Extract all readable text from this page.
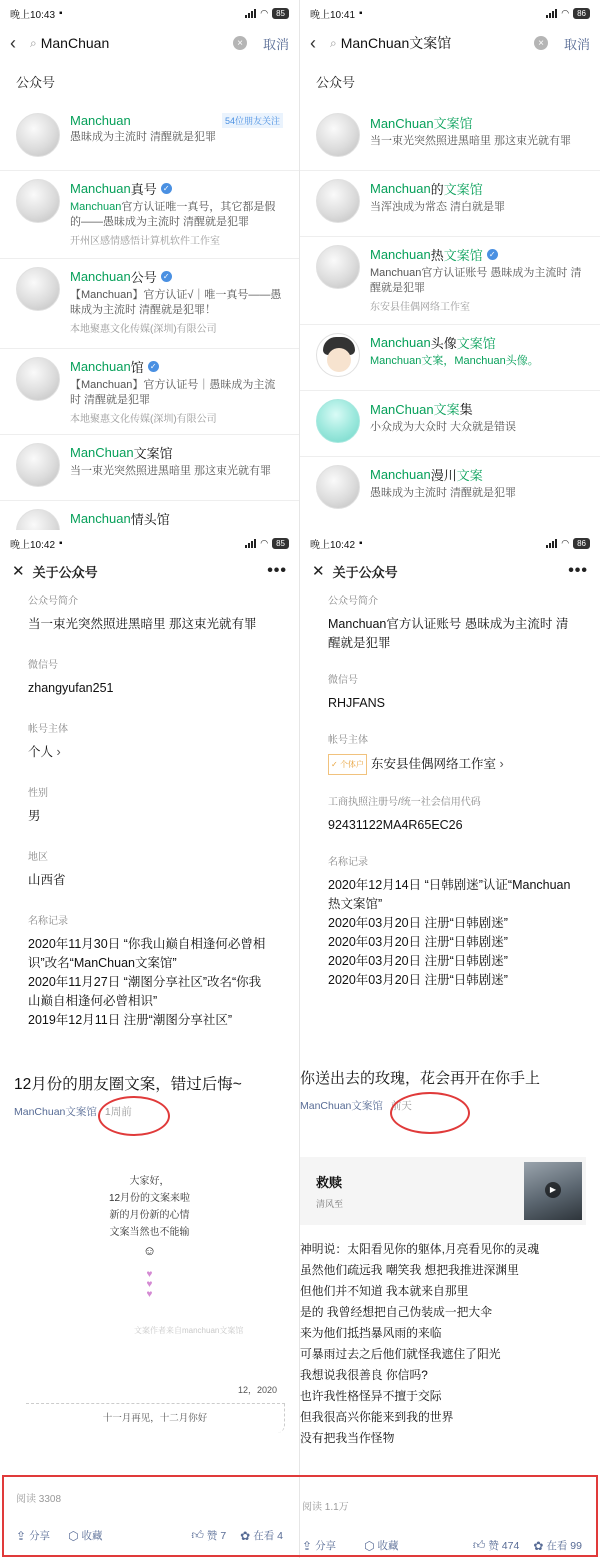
晚上10:43 ▪	◠	85
‹	⌕ ManChuan	×	取消
公众号
Manchuan	54位朋友关注
愚昧成为主流时 清醒就是犯罪
Manchuan 真号 ✓
Manchuan官方认证唯一真号，其它都是假的——愚昧成为主流时 清醒就是犯罪
开州区感情感悟计算机软件工作室
Manchuan 公号 ✓
【Manchuan】官方认证√｜唯一真号——愚昧成为主流时 清醒就是犯罪！
本地聚惠文化传媒(深圳)有限公司
Manchuan 馆 ✓
【Manchuan】官方认证号｜愚昧成为主流时 清醒就是犯罪
本地聚惠文化传媒(深圳)有限公司
ManChuan 文案馆
当一束光突然照进黑暗里 那这束光就有罪
Manchuan 情头馆
晚上10:41 ▪	◠	86
‹	⌕ ManChuan文案馆	×	取消
公众号
ManChuan文案馆
当一束光突然照进黑暗里 那这束光就有罪
Manchuan 的 文案馆
当浑浊成为常态 清白就是罪
Manchuan 热 文案馆 ✓
Manchuan官方认证账号 愚昧成为主流时 清醒就是犯罪
东安县佳偶网络工作室
Manchuan 头像 文案馆
Manchuan文案，Manchuan头像。
ManChuan文案 集
小众成为大众时 大众就是错误
Manchuan 漫川 文案
愚昧成为主流时 清醒就是犯罪
晚上10:42 ▪	◠	85
✕ 关于公众号	•••
公众号简介
当一束光突然照进黑暗里 那这束光就有罪
微信号
zhangyufan251
帐号主体
个人 ›
性别
男
地区
山西省
名称记录
2020年11月30日 “你我山巅自相逢何必曾相
识”改名“ManChuan文案馆”
2020年11月27日 “潮图分享社区”改名“你我
山巅自相逢何必曾相识”
2019年12月11日 注册“潮图分享社区”
晚上10:42 ▪	◠	86
✕ 关于公众号	•••
公众号简介
Manchuan官方认证账号 愚昧成为主流时 清醒就是犯罪
微信号
RHJFANS
帐号主体
✓ 个体户 东安县佳偶网络工作室 ›
工商执照注册号/统一社会信用代码
92431122MA4R65EC26
名称记录
2020年12月14日 “日韩剧迷”认证“Manchuan
热文案馆”
2020年03月20日 注册“日韩剧迷”
2020年03月20日 注册“日韩剧迷”
2020年03月20日 注册“日韩剧迷”
2020年03月20日 注册“日韩剧迷”
12月份的朋友圈文案，错过后悔~
ManChuan文案馆 1周前
大家好，
12月份的文案来啦
新的月份新的心情
文案当然也不能输
☺
♥
♥
♥
文案作者来自manchuan文案馆
12，2020
十一月再见，十二月你好
阅读 3308
⇪ 分享 ⬡ 收藏	👍︎ 赞 7 ✿ 在看 4
你送出去的玫瑰，花会再开在你手上
ManChuan文案馆 前天
救赎
清风至
▶
神明说：太阳看见你的躯体,月亮看见你的灵魂
虽然他们疏远我 嘲笑我 想把我推进深渊里
但他们并不知道 我本就来自那里
是的 我曾经想把自己伪装成一把大伞
来为他们抵挡暴风雨的来临
可暴雨过去之后他们就怪我遮住了阳光
我想说我很善良 你信吗?
也许我性格怪异不擅于交际
但我很高兴你能来到我的世界
没有把我当作怪物
阅读 1.1万
⇪ 分享 ⬡ 收藏	👍︎ 赞 474 ✿ 在看 99
